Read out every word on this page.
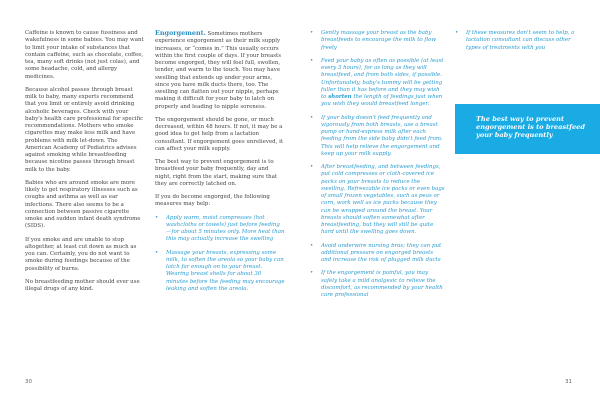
Caffeine is known to cause fussiness and wakefulness in some babies. You may want to limit your intake of substances that contain caffeine, such as chocolate, coffee, tea, many soft drinks (not just colas), and some headache, cold, and allergy medicines.

Because alcohol passes through breast milk to baby, many experts recommend that you limit or entirely avoid drinking alcoholic beverages. Check with your baby's health care professional for specific recommendations. Mothers who smoke cigarettes may make less milk and have problems with milk let-down. The American Academy of Pediatrics advises against smoking while breastfeeding because nicotine passes through breast milk to the baby.

Babies who are around smoke are more likely to get respiratory illnesses such as coughs and asthma as well as ear infections. There also seems to be a connection between passive cigarette smoke and sudden infant death syndrome (SIDS).

If you smoke and are unable to stop altogether, at least cut down as much as you can. Certainly, you do not want to smoke during feedings because of the possibility of burns.

No breastfeeding mother should ever use illegal drugs of any kind.

Engorgement. Sometimes mothers experience engorgement as their milk supply increases, or “comes in.” This usually occurs within the first couple of days. If your breasts become engorged, they will feel full, swollen, tender, and warm to the touch. You may have swelling that extends up under your arms, since you have milk ducts there, too. The swelling can flatten out your nipple, perhaps making it difficult for your baby to latch on properly and leading to nipple soreness.

The engorgement should be gone, or much decreased, within 48 hours. If not, it may be a good idea to get help from a lactation consultant. If engorgement goes unrelieved, it can affect your milk supply.

The best way to prevent engorgement is to breastfeed your baby frequently, day and night, right from the start, making sure that they are correctly latched on.

If you do become engorged, the following measures may help:

• Apply warm, moist compresses (hot washcloths or towels) just before feeding—for about 5 minutes only. More heat than this may actually increase the swelling
• Massage your breasts, expressing some milk, to soften the areola so your baby can latch far enough on to your breast. Wearing breast shells for about 30 minutes before the feeding may encourage leaking and soften the areola.
• Gently massage your breast as the baby breastfeeds to encourage the milk to flow freely
• Feed your baby as often as possible (at least every 3 hours), for as long as they will breastfeed, and from both sides, if possible. Unfortunately, baby's tummy will be getting fuller than it has before and they may wish to shorten the length of feedings just when you wish they would breastfeed longer.
• If your baby doesn't feed frequently and vigorously from both breasts, use a breast pump or hand-express milk after each feeding from the side baby didn't feed from. This will help relieve the engorgement and keep up your milk supply.
• After breastfeeding, and between feedings, put cold compresses or cloth-covered ice packs on your breasts to reduce the swelling. Refreezable ice packs or even bags of small frozen vegetables, such as peas or corn, work well as ice packs because they can be wrapped around the breast. Your breasts should soften somewhat after breastfeeding, but they will still be quite hard until the swelling goes down.
• Avoid underwire nursing bras; they can put additional pressure on engorged breasts and increase the risk of plugged milk ducts
• If the engorgement is painful, you may safely take a mild analgesic to relieve the discomfort, as recommended by your health care professional
• If these measures don't seem to help, a lactation consultant can discuss other types of treatments with you
The best way to prevent engorgement is to breastfeed your baby frequently
30	31
